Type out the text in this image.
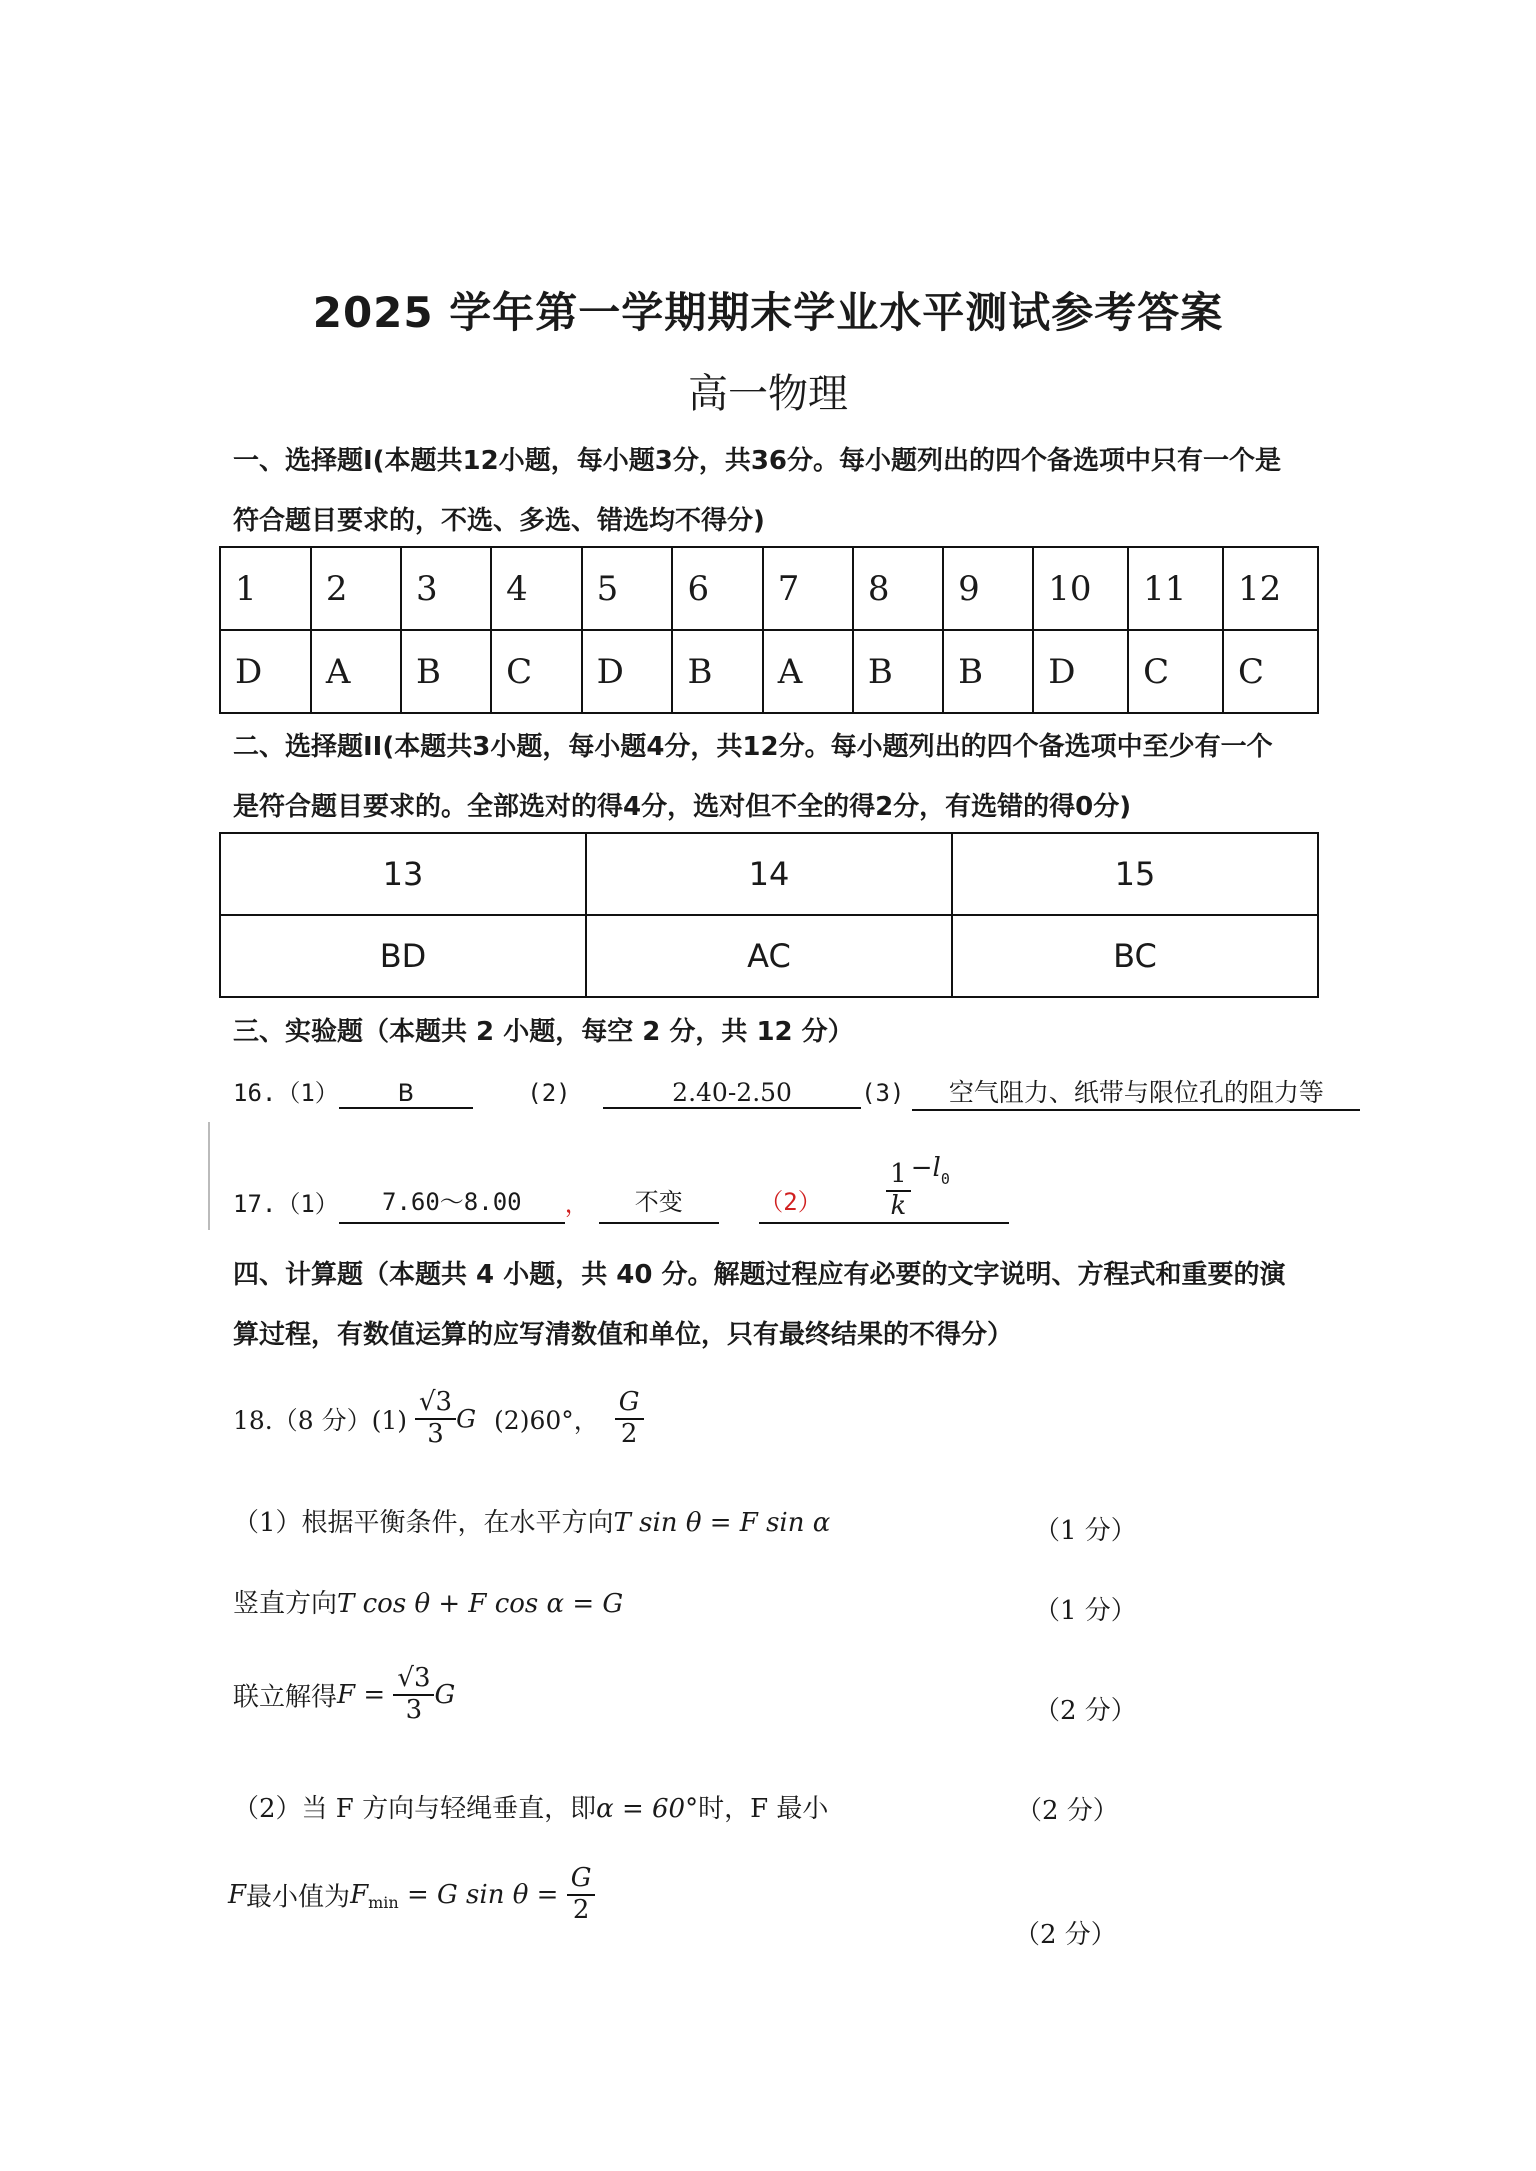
2025 学年第一学期期末学业水平测试参考答案
高一物理
一、选择题I(本题共12小题，每小题3分，共36分。每小题列出的四个备选项中只有一个是
符合题目要求的，不选、多选、错选均不得分)
1	2	3	4	5	6	7	8	9	10	11	12
D	A	B	C	D	B	A	B	B	D	C	C
二、选择题II(本题共3小题，每小题4分，共12分。每小题列出的四个备选项中至少有一个
是符合题目要求的。全部选对的得4分，选对但不全的得2分，有选错的得0分)
13	14	15
BD	AC	BC
三、实验题（本题共 2 小题，每空 2 分，共 12 分）
16.（1） B	(2)	2.40-2.50	(3) 空气阻力、纸带与限位孔的阻力等
17.（1） 7.60～8.00 ， 不变	$(2) \frac{1}{k} -l_0$
四、计算题（本题共 4 小题，共 40 分。解题过程应有必要的文字说明、方程式和重要的演
算过程，有数值运算的应写清数值和单位，只有最终结果的不得分）
18.（8 分）$(1) \frac{√3}{3}$ G (2)60°， $\frac{G}{2}$
（1）根据平衡条件，在水平方向T sin θ = F sin α	（1 分）
竖直方向T cos θ + F cos α = G	（1 分）
联立解得$F = \frac{√3}{3}$ G
（2 分）
（2）当 F 方向与轻绳垂直，即α = 60°时，F 最小	（2 分）
F最小值为$F_{min} = G$ $\sin \theta = \frac{G}{2}$
（2 分）
